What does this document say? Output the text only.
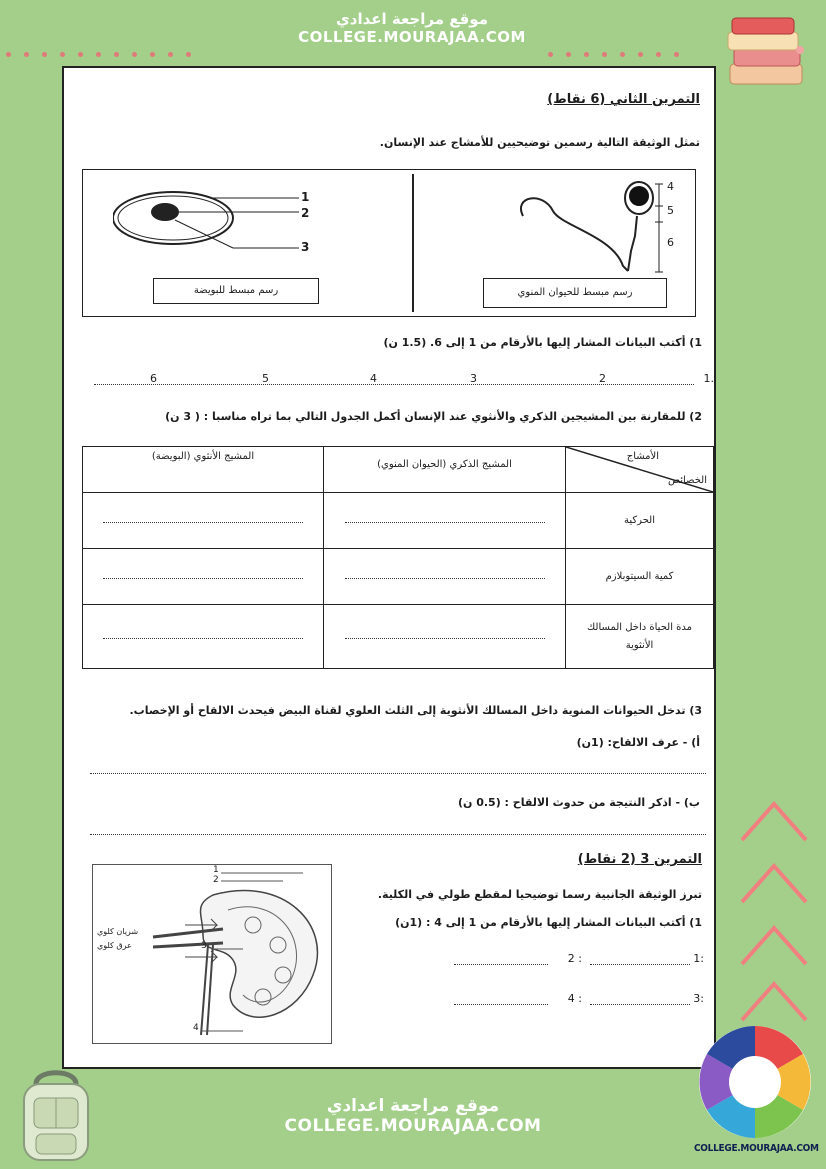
موقع مراجعة اعدادي
COLLEGE.MOURAJAA.COM
التمرين الثاني (6 نقاط)
تمثل الوثيقة التالية رسمين توضيحيين للأمشاج عند الإنسان.
1
2
3
رسم مبسط للبويضة
4
5
6
رسم مبسط للحيوان المنوي
1) أكتب البيانات المشار إليها بالأرقام من 1 إلى 6. (1.5 ن)
1.
2
3
4
5
6
2) للمقارنة بين المشيجين الذكري والأنثوي عند الإنسان أكمل الجدول التالي بما تراه مناسبا : ( 3 ن)
الأمشاج
الخصائص	المشيج الذكري (الحيوان المنوي)	المشيج الأنثوي (البويضة)
الحركية		
كمية السيتوبلازم		
مدة الحياة داخل المسالك الأنثوية		
3) تدخل الحيوانات المنوية داخل المسالك الأنثوية إلى الثلث العلوي لقناة البيض فيحدث الالقاح أو الإخصاب.
أ) - عرف الالقاح: (1ن)
ب) - اذكر النتيجة من حدوث الالقاح : (0.5 ن)
التمرين 3 (2 نقاط)
تبرز الوثيقة الجانبية رسما توضيحيا لمقطع طولي في الكلية.
1) أكتب البيانات المشار إليها بالأرقام من 1 إلى 4 : (1ن)
1:
2 :
3:
4 :
1
2
3
4
شريان كلوي
عرق كلوي
موقع مراجعة اعدادي
COLLEGE.MOURAJAA.COM
COLLEGE.MOURAJAA.COM
